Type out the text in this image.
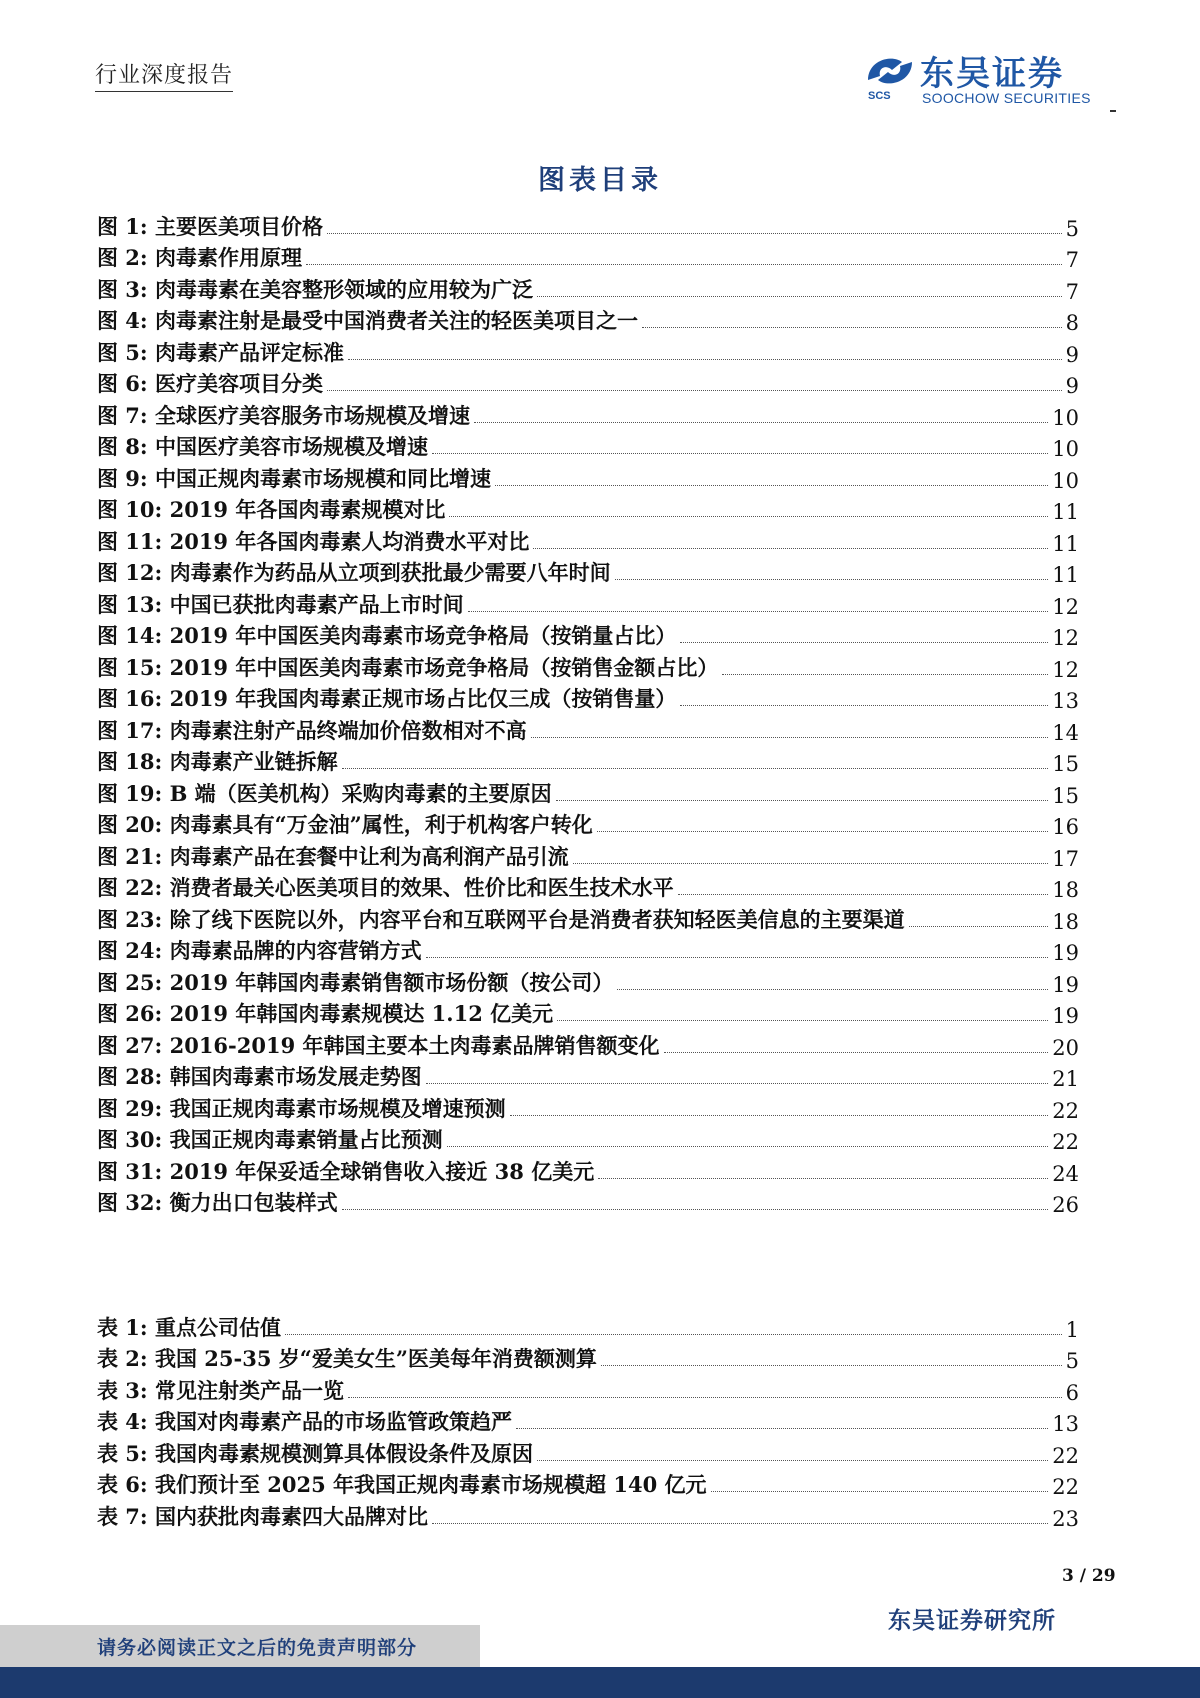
行业深度报告
SCS
东吴证券
SOOCHOW SECURITIES
图表目录
图 1: 主要医美项目价格	5
图 2: 肉毒素作用原理	7
图 3: 肉毒毒素在美容整形领域的应用较为广泛	7
图 4: 肉毒素注射是最受中国消费者关注的轻医美项目之一	8
图 5: 肉毒素产品评定标准	9
图 6: 医疗美容项目分类	9
图 7: 全球医疗美容服务市场规模及增速	10
图 8: 中国医疗美容市场规模及增速	10
图 9: 中国正规肉毒素市场规模和同比增速	10
图 10: 2019 年各国肉毒素规模对比	11
图 11: 2019 年各国肉毒素人均消费水平对比	11
图 12: 肉毒素作为药品从立项到获批最少需要八年时间	11
图 13: 中国已获批肉毒素产品上市时间	12
图 14: 2019 年中国医美肉毒素市场竞争格局（按销量占比）	12
图 15: 2019 年中国医美肉毒素市场竞争格局（按销售金额占比）	12
图 16: 2019 年我国肉毒素正规市场占比仅三成（按销售量）	13
图 17: 肉毒素注射产品终端加价倍数相对不高	14
图 18: 肉毒素产业链拆解	15
图 19: B 端（医美机构）采购肉毒素的主要原因	15
图 20: 肉毒素具有“万金油”属性，利于机构客户转化	16
图 21: 肉毒素产品在套餐中让利为高利润产品引流	17
图 22: 消费者最关心医美项目的效果、性价比和医生技术水平	18
图 23: 除了线下医院以外，内容平台和互联网平台是消费者获知轻医美信息的主要渠道	18
图 24: 肉毒素品牌的内容营销方式	19
图 25: 2019 年韩国肉毒素销售额市场份额（按公司）	19
图 26: 2019 年韩国肉毒素规模达 1.12 亿美元	19
图 27: 2016-2019 年韩国主要本土肉毒素品牌销售额变化	20
图 28: 韩国肉毒素市场发展走势图	21
图 29: 我国正规肉毒素市场规模及增速预测	22
图 30: 我国正规肉毒素销量占比预测	22
图 31: 2019 年保妥适全球销售收入接近 38 亿美元	24
图 32: 衡力出口包装样式	26
表 1: 重点公司估值	1
表 2: 我国 25-35 岁“爱美女生”医美每年消费额测算	5
表 3: 常见注射类产品一览	6
表 4: 我国对肉毒素产品的市场监管政策趋严	13
表 5: 我国肉毒素规模测算具体假设条件及原因	22
表 6: 我们预计至 2025 年我国正规肉毒素市场规模超 140 亿元	22
表 7: 国内获批肉毒素四大品牌对比	23
3 / 29
东吴证券研究所
请务必阅读正文之后的免责声明部分
